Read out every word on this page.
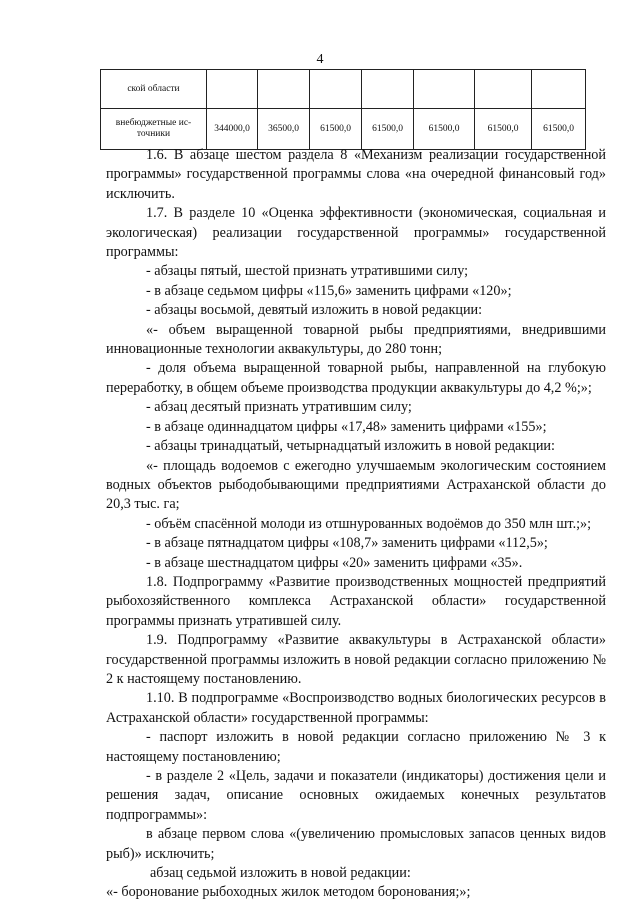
4
ской области							
внебюджетные ис-точники	344000,0	36500,0	61500,0	61500,0	61500,0	61500,0	61500,0

1.6. В абзаце шестом раздела 8 «Механизм реализации государственной программы» государственной программы слова «на очередной финансовый год» исключить.

1.7. В разделе 10 «Оценка эффективности (экономическая, социальная и экологическая) реализации государственной программы» государственной программы:

- абзацы пятый, шестой признать утратившими силу;

- в абзаце седьмом цифры «115,6» заменить цифрами «120»;

- абзацы восьмой, девятый изложить в новой редакции:

«- объем выращенной товарной рыбы предприятиями, внедрившими инновационные технологии аквакультуры, до 280 тонн;

- доля объема выращенной товарной рыбы, направленной на глубокую переработку, в общем объеме производства продукции аквакультуры до 4,2 %;»;

- абзац десятый признать утратившим силу;

- в абзаце одиннадцатом цифры «17,48» заменить цифрами «155»;

- абзацы тринадцатый, четырнадцатый изложить в новой редакции:

«- площадь водоемов с ежегодно улучшаемым экологическим состоянием водных объектов рыбодобывающими предприятиями Астраханской области до 20,3 тыс. га;

- объём спасённой молоди из отшнурованных водоёмов до 350 млн шт.;»;

- в абзаце пятнадцатом цифры «108,7» заменить цифрами «112,5»;

- в абзаце шестнадцатом цифры «20» заменить цифрами «35».

1.8. Подпрограмму «Развитие производственных мощностей предприятий рыбохозяйственного комплекса Астраханской области» государственной программы признать утратившей силу.

1.9. Подпрограмму «Развитие аквакультуры в Астраханской области» государственной программы изложить в новой редакции согласно приложению № 2 к настоящему постановлению.

1.10. В подпрограмме «Воспроизводство водных биологических ресурсов в Астраханской области» государственной программы:

- паспорт изложить в новой редакции согласно приложению № 3 к настоящему постановлению;

- в разделе 2 «Цель, задачи и показатели (индикаторы) достижения цели и решения задач, описание основных ожидаемых конечных результатов подпрограммы»:

в абзаце первом слова «(увеличению промысловых запасов ценных видов рыб)» исключить;

абзац седьмой изложить в новой редакции:

«- боронование рыбоходных жилок методом боронования;»;
